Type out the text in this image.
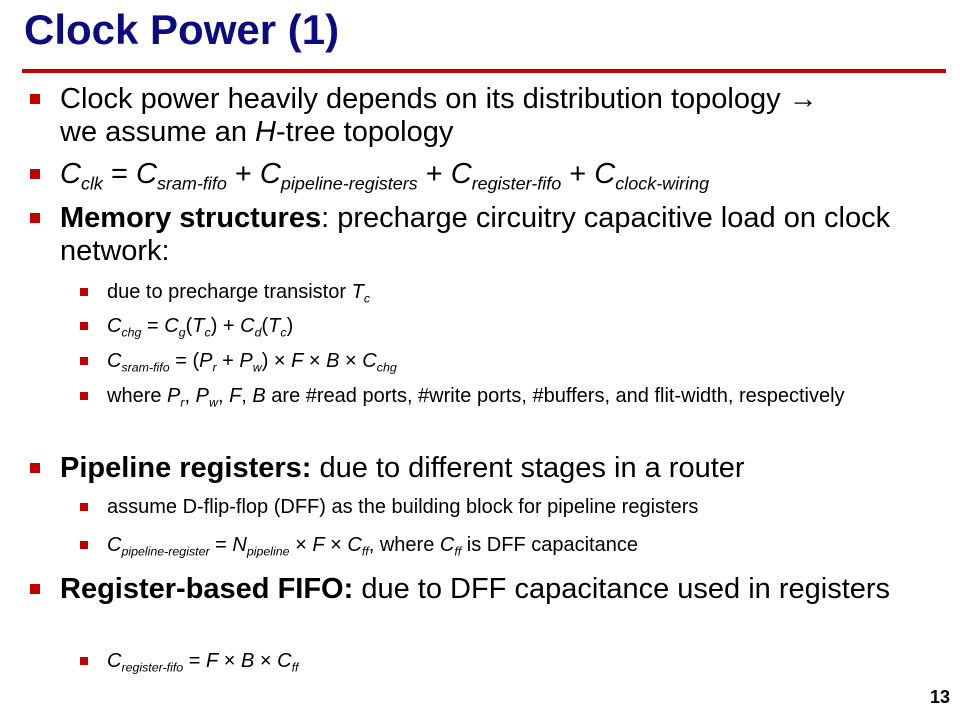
Clock Power (1)
Clock power heavily depends on its distribution topology →
we assume an H-tree topology
$C_{clk} = C_{sram-fifo} + C_{pipeline-registers} + C_{register-fifo} + C_{clock-wiring}$
Memory structures: precharge circuitry capacitive load on clock network:
due to precharge transistor $T_c$
$C_{chg} = C_g(T_c) + C_d(T_c)$
$C_{sram-fifo} = (P_r + P_w) \times F \times B \times C_{chg}$
where $P_r$, $P_w$, F, B are #read ports, #write ports, #buffers, and flit-width, respectively
Pipeline registers: due to different stages in a router
assume D-flip-flop (DFF) as the building block for pipeline registers
$C_{pipeline-register} = N_{pipeline} \times F \times C_{ff}$, where $C_{ff}$ is DFF capacitance
Register-based FIFO: due to DFF capacitance used in registers
$C_{register-fifo} = F \times B \times C_{ff}$
13
